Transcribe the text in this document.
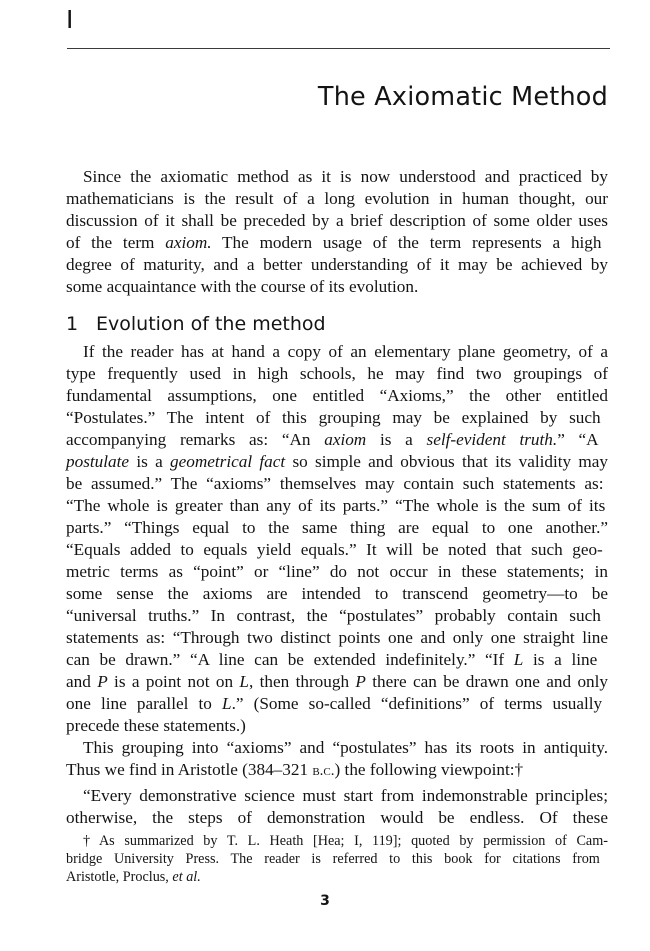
I
The Axiomatic Method
Since the axiomatic method as it is now understood and practiced by
mathematicians is the result of a long evolution in human thought, our
discussion of it shall be preceded by a brief description of some older uses
of the term axiom. The modern usage of the term represents a high
degree of maturity, and a better understanding of it may be achieved by
some acquaintance with the course of its evolution.
1 Evolution of the method
If the reader has at hand a copy of an elementary plane geometry, of a
type frequently used in high schools, he may find two groupings of
fundamental assumptions, one entitled “Axioms,” the other entitled
“Postulates.” The intent of this grouping may be explained by such
accompanying remarks as: “An axiom is a self-evident truth.” “A
postulate is a geometrical fact so simple and obvious that its validity may
be assumed.” The “axioms” themselves may contain such statements as:
“The whole is greater than any of its parts.” “The whole is the sum of its
parts.” “Things equal to the same thing are equal to one another.”
“Equals added to equals yield equals.” It will be noted that such geo-
metric terms as “point” or “line” do not occur in these statements; in
some sense the axioms are intended to transcend geometry—to be
“universal truths.” In contrast, the “postulates” probably contain such
statements as: “Through two distinct points one and only one straight line
can be drawn.” “A line can be extended indefinitely.” “If L is a line
and P is a point not on L, then through P there can be drawn one and only
one line parallel to L.” (Some so-called “definitions” of terms usually
precede these statements.)
This grouping into “axioms” and “postulates” has its roots in antiquity.
Thus we find in Aristotle (384–321 b.c.) the following viewpoint:†
“Every demonstrative science must start from indemonstrable principles;
otherwise, the steps of demonstration would be endless. Of these
† As summarized by T. L. Heath [Hea; I, 119]; quoted by permission of Cam-
bridge University Press. The reader is referred to this book for citations from
Aristotle, Proclus, et al.
3
